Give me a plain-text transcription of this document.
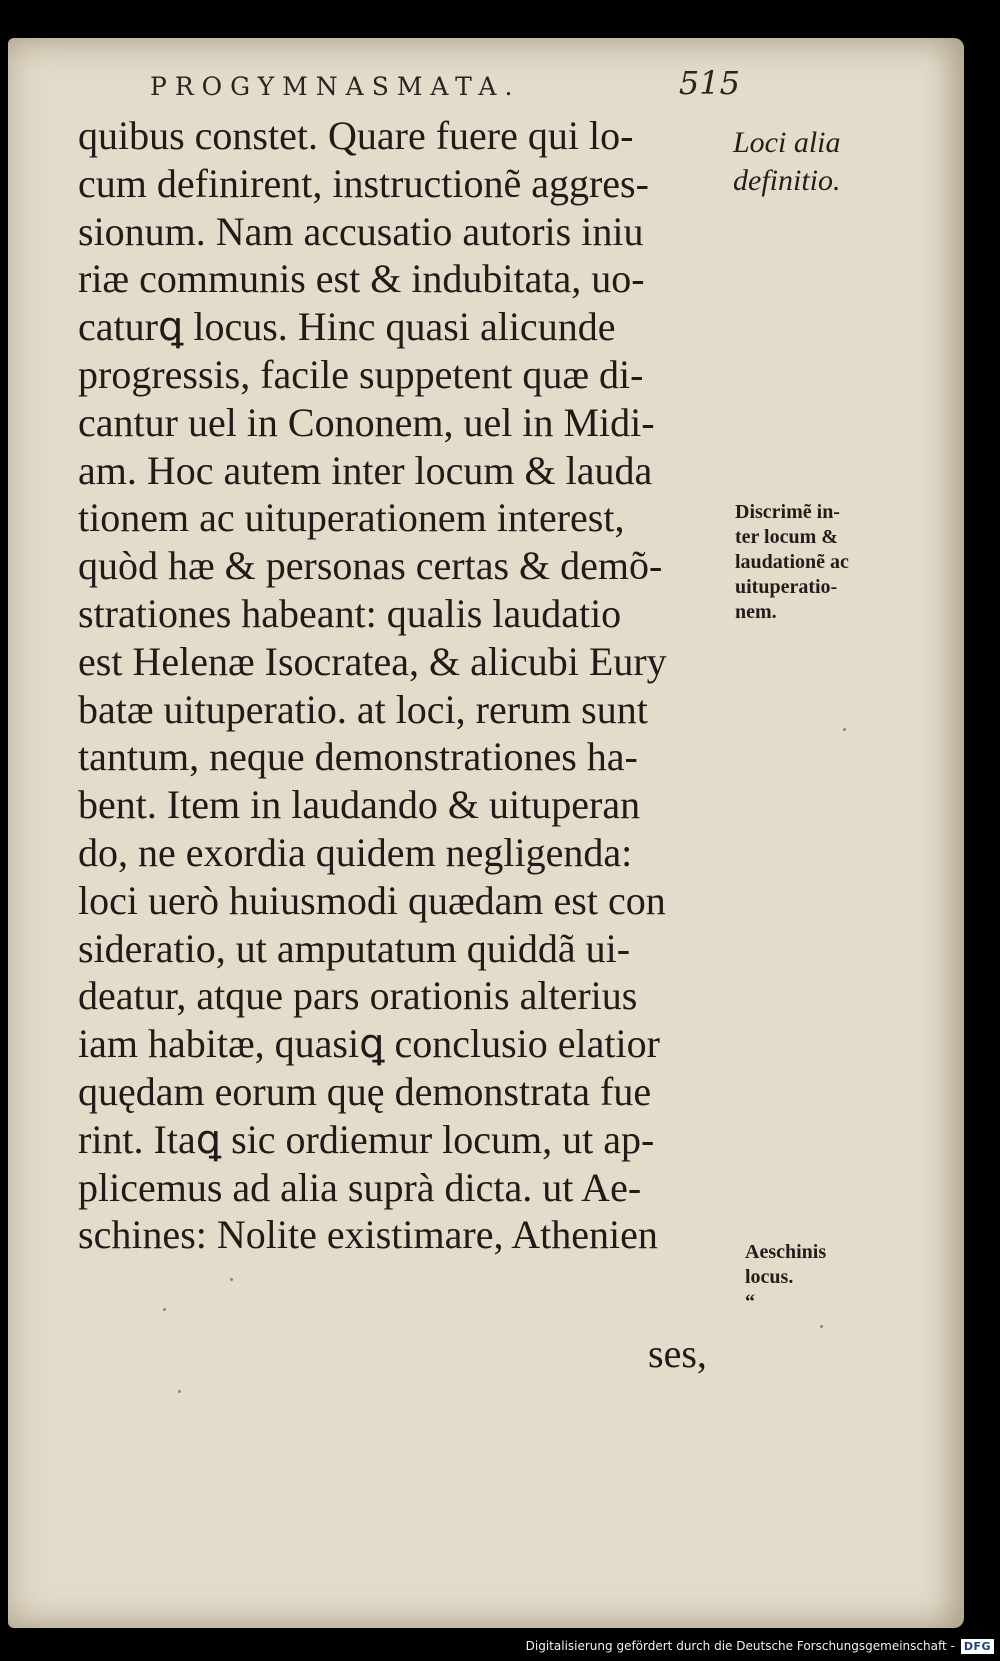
PROGYMNASMATA.	515
quibus constet. Quare fuere qui lo-
cum definirent, instructionẽ aggres-
sionum. Nam accusatio autoris iniu
riæ communis est & indubitata, uo-
caturꝗ locus. Hinc quasi alicunde
progressis, facile suppetent quæ di-
cantur uel in Cononem, uel in Midi-
am. Hoc autem inter locum & lauda
tionem ac uituperationem interest,
quòd hæ & personas certas & demõ-
strationes habeant: qualis laudatio
est Helenæ Isocratea, & alicubi Eury
batæ uituperatio. at loci, rerum sunt
tantum, neque demonstrationes ha-
bent. Item in laudando & uituperan
do, ne exordia quidem negligenda:
loci uerò huiusmodi quædam est con
sideratio, ut amputatum quiddã ui-
deatur, atque pars orationis alterius
iam habitæ, quasiꝗ conclusio elatior
quędam eorum quę demonstrata fue
rint. Itaꝗ sic ordiemur locum, ut ap-
plicemus ad alia suprà dicta. ut Ae-
schines: Nolite existimare, Athenien
ses,
Loci alia
definitio.
Discrimẽ in-
ter locum &
laudationẽ ac
uituperatio-
nem.
Aeschinis
locus.
“
Digitalisierung gefördert durch die Deutsche Forschungsgemeinschaft - DFG
